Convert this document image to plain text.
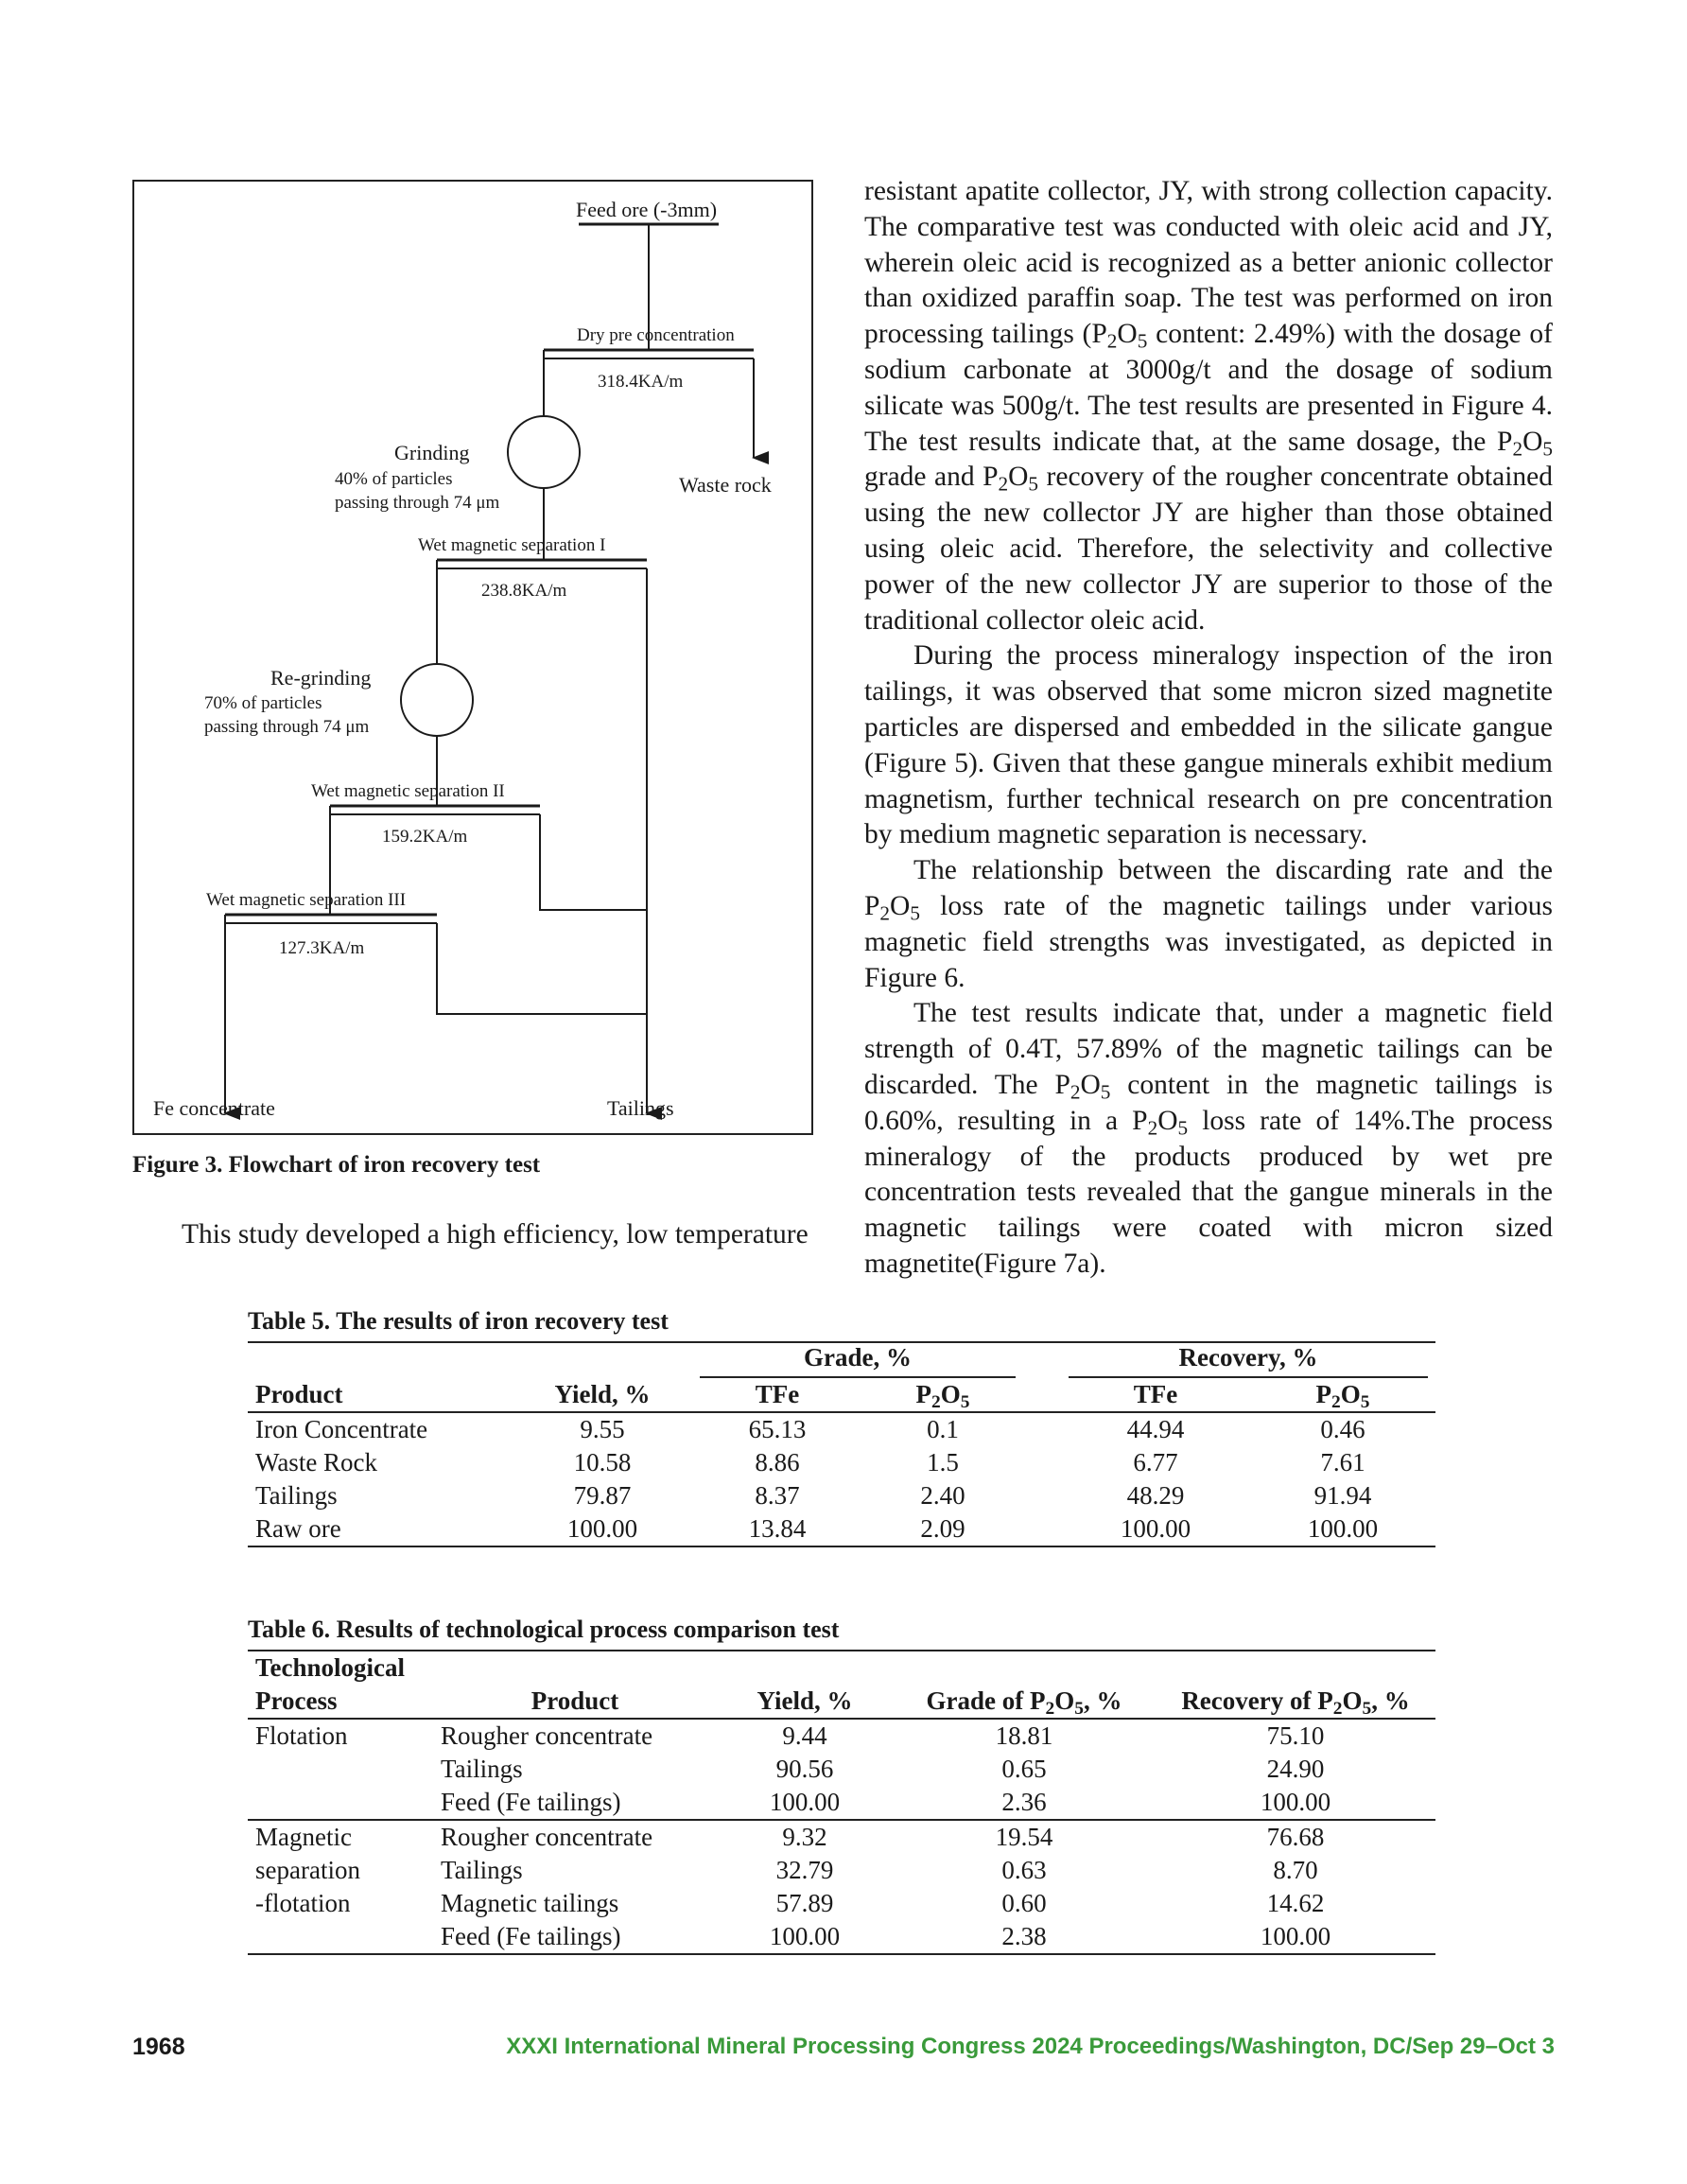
Feed ore (-3mm)
Dry pre concentration
318.4KA/m
Grinding
40% of particles
passing through 74 μm
Waste rock
Wet magnetic separation I
238.8KA/m
Re-grinding
70% of particles
passing through 74 μm
Wet magnetic separation II
159.2KA/m
Wet magnetic separation III
127.3KA/m
Fe concentrate	Tailings
Figure 3. Flowchart of iron recovery test

This study developed a high efficiency, low temperature

resistant apatite collector, JY, with strong collection capacity. The comparative test was conducted with oleic acid and JY, wherein oleic acid is recognized as a better anionic collector than oxidized paraffin soap. The test was performed on iron processing tailings ($P_2O_5$ content: 2.49%) with the dosage of sodium carbonate at 3000g/t and the dosage of sodium silicate was 500g/t. The test results are presented in Figure 4. The test results indicate that, at the same dosage, the $P_2O_5$ grade and $P_2O_5$ recovery of the rougher concentrate obtained using the new collector JY are higher than those obtained using oleic acid. Therefore, the selectivity and collective power of the new collector JY are superior to those of the traditional collector oleic acid.

During the process mineralogy inspection of the iron tailings, it was observed that some micron sized magnetite particles are dispersed and embedded in the silicate gangue (Figure 5). Given that these gangue minerals exhibit medium magnetism, further technical research on pre concentration by medium magnetic separation is necessary.

The relationship between the discarding rate and the $P_2O_5$ loss rate of the magnetic tailings under various magnetic field strengths was investigated, as depicted in Figure 6.

The test results indicate that, under a magnetic field strength of 0.4T, 57.89% of the magnetic tailings can be discarded. The $P_2O_5$ content in the magnetic tailings is 0.60%, resulting in a $P_2O_5$ loss rate of 14%.The process mineralogy of the products produced by wet pre concentration tests revealed that the gangue minerals in the magnetic tailings were coated with micron sized magnetite(Figure 7a).

Table 5. The results of iron recovery test

		Grade, %			Recovery, %	

Product	Yield, %	TFe	$P_2O_5$		TFe	$P_2O_5$
Iron Concentrate	9.55	65.13	0.1		44.94	0.46
Waste Rock	10.58	8.86	1.5		6.77	7.61
Tailings	79.87	8.37	2.40		48.29	91.94
Raw ore	100.00	13.84	2.09		100.00	100.00
Table 6. Results of technological process comparison test
Technological				
Process	Product	Yield, %	Grade of $P_2O_5$, %	Recovery of $P_2O_5$, %
Flotation	Rougher concentrate	9.44	18.81	75.10
	Tailings	90.56	0.65	24.90
	Feed (Fe tailings)	100.00	2.36	100.00
Magnetic	Rougher concentrate	9.32	19.54	76.68
separation	Tailings	32.79	0.63	8.70
-flotation	Magnetic tailings	57.89	0.60	14.62
	Feed (Fe tailings)	100.00	2.38	100.00
1968	XXXI International Mineral Processing Congress 2024 Proceedings/Washington, DC/Sep 29–Oct 3
